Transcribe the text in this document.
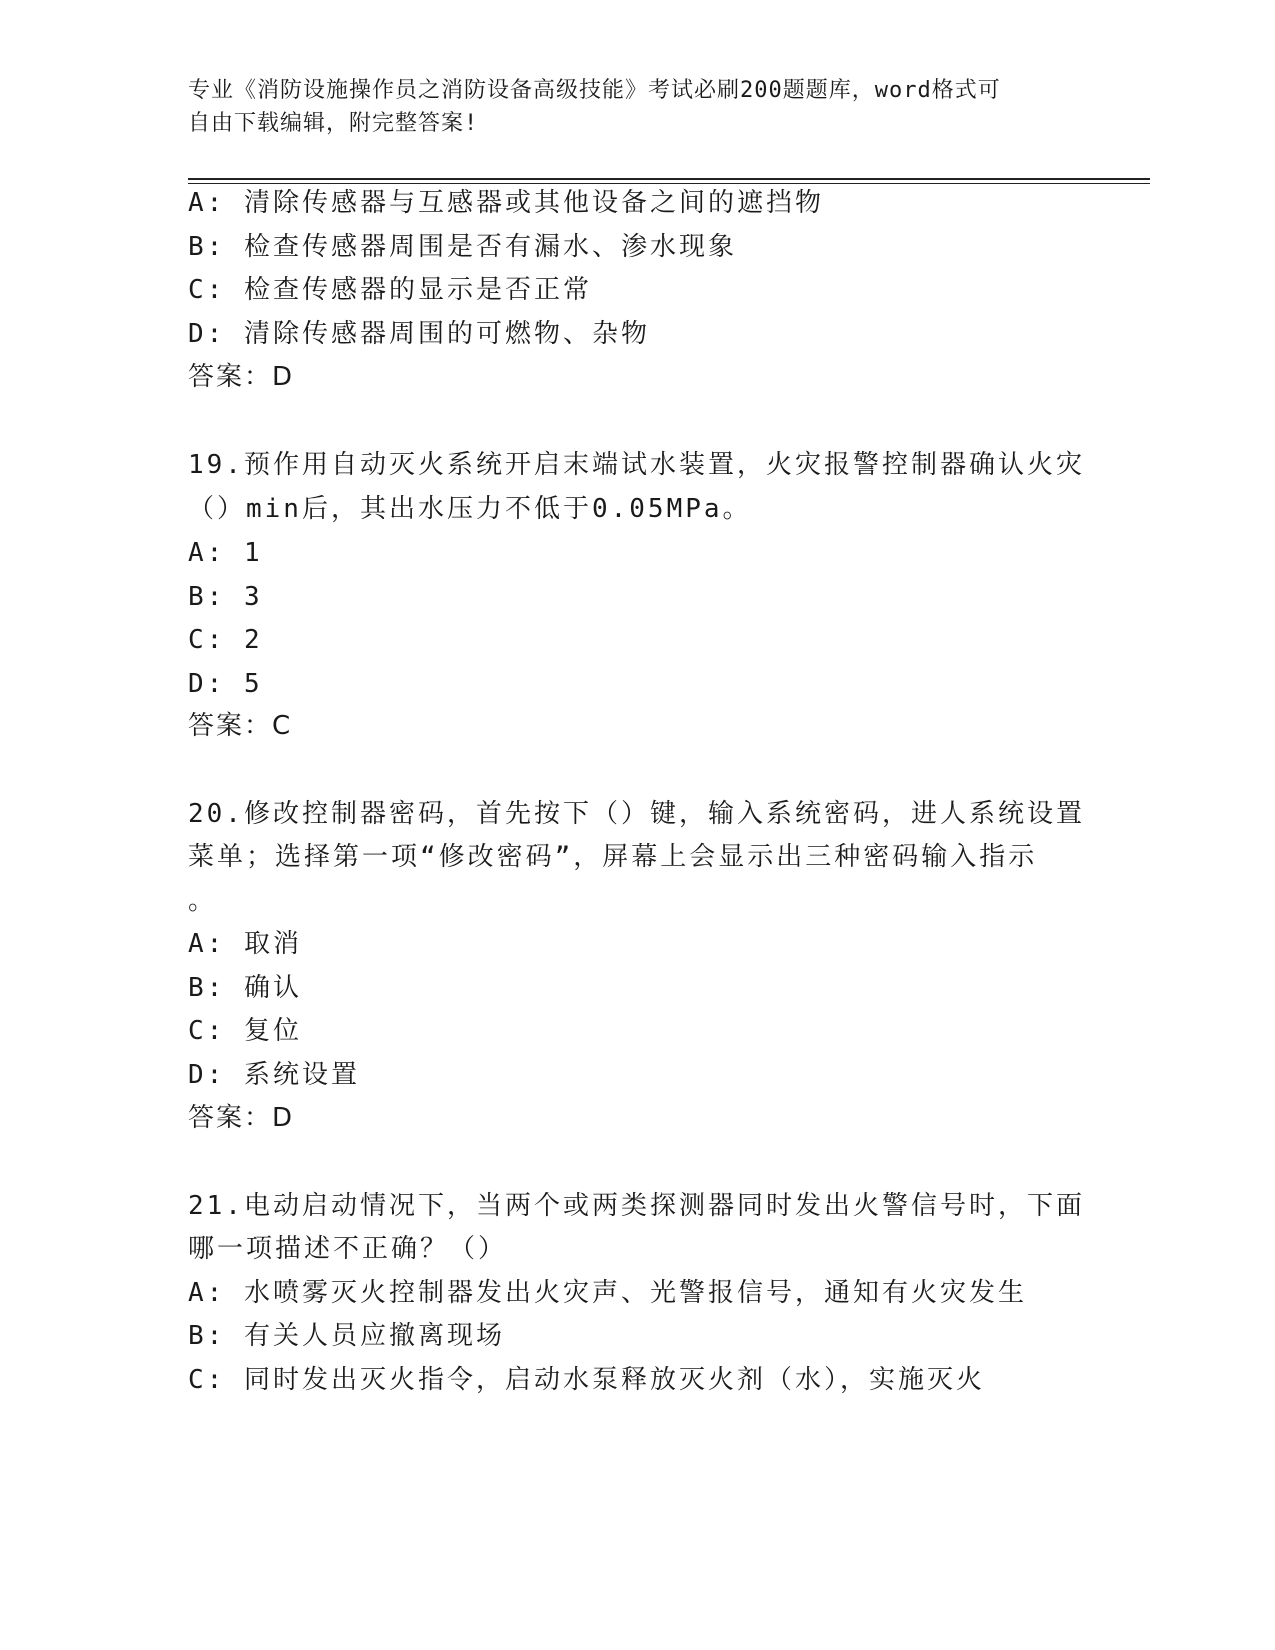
专业《消防设施操作员之消防设备高级技能》考试必刷200题题库，word格式可
自由下载编辑，附完整答案!
A: 清除传感器与互感器或其他设备之间的遮挡物
B: 检查传感器周围是否有漏水、渗水现象
C: 检查传感器的显示是否正常
D: 清除传感器周围的可燃物、杂物
答案：D
19.预作用自动灭火系统开启末端试水装置，火灾报警控制器确认火灾
（）min后，其出水压力不低于0.05MPa。
A: 1
B: 3
C: 2
D: 5
答案：C
20.修改控制器密码，首先按下（）键，输入系统密码，进人系统设置
菜单；选择第一项“修改密码”，屏幕上会显示出三种密码输入指示
。
A: 取消
B: 确认
C: 复位
D: 系统设置
答案：D
21.电动启动情况下，当两个或两类探测器同时发出火警信号时，下面
哪一项描述不正确？（）
A: 水喷雾灭火控制器发出火灾声、光警报信号，通知有火灾发生
B: 有关人员应撤离现场
C: 同时发出灭火指令，启动水泵释放灭火剂（水），实施灭火
